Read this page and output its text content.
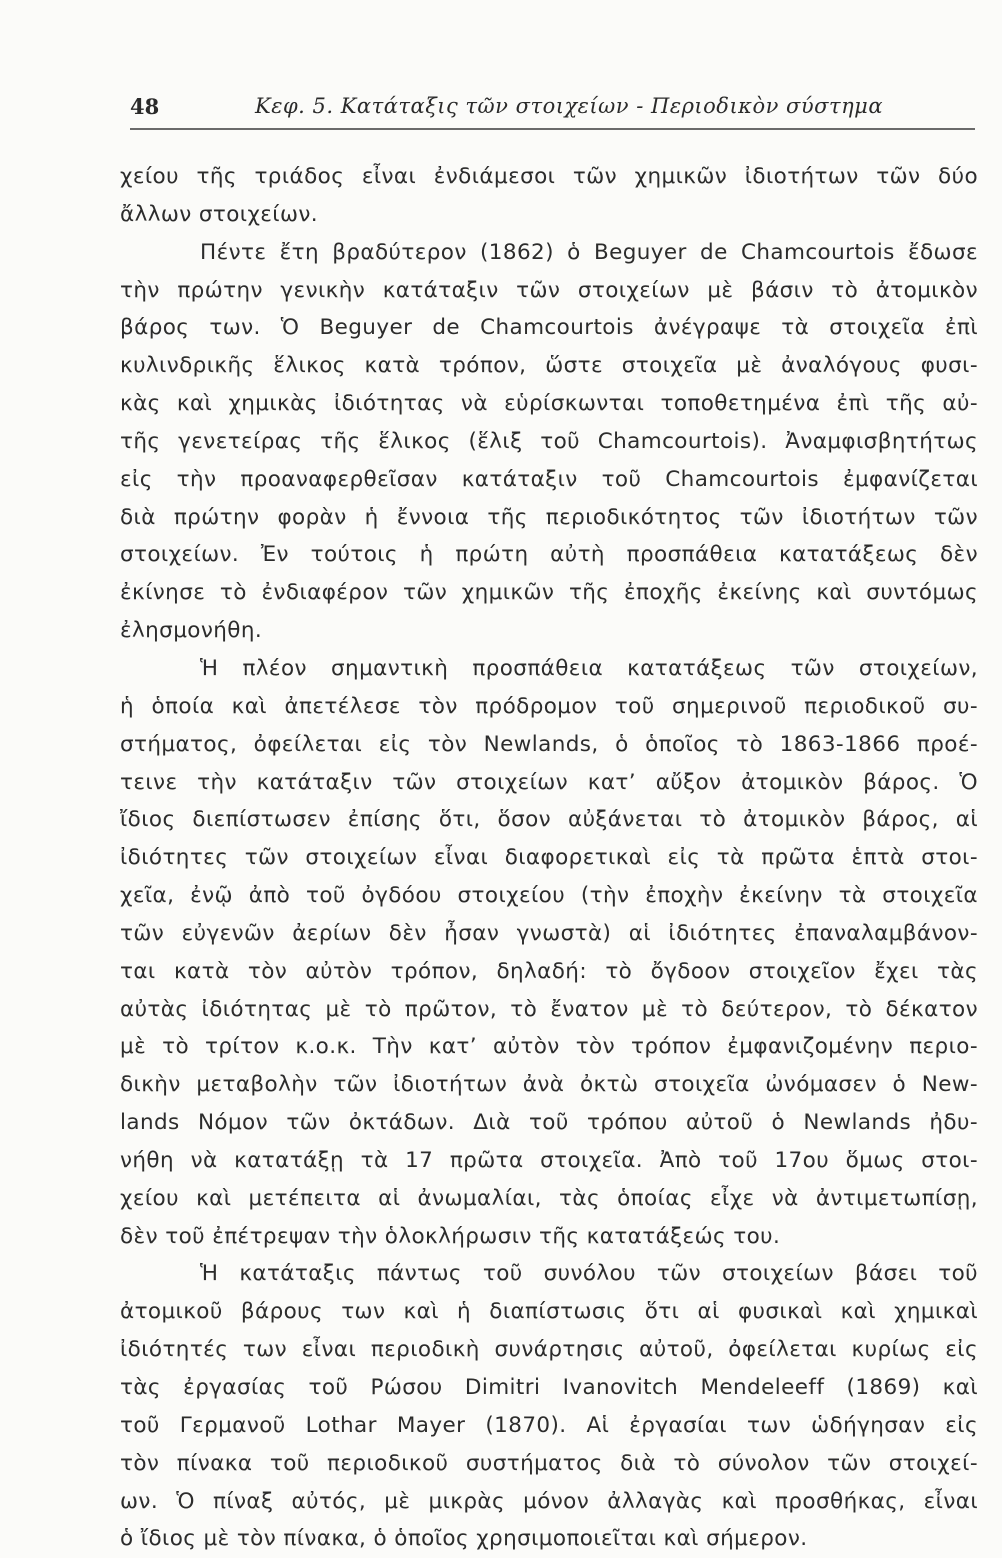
48	Κεφ. 5. Κατάταξις τῶν στοιχείων - Περιοδικὸν σύστημα
χείου τῆς τριάδος εἶναι ἐνδιάμεσοι τῶν χημικῶν ἰδιοτήτων τῶν δύο
ἄλλων στοιχείων.
Πέντε ἔτη βραδύτερον (1862) ὁ Beguyer de Chamcourtois ἔδωσε
τὴν πρώτην γενικὴν κατάταξιν τῶν στοιχείων μὲ βάσιν τὸ ἀτομικὸν
βάρος των. Ὁ Beguyer de Chamcourtois ἀνέγραψε τὰ στοιχεῖα ἐπὶ
κυλινδρικῆς ἕλικος κατὰ τρόπον, ὥστε στοιχεῖα μὲ ἀναλόγους φυσι-
κὰς καὶ χημικὰς ἰδιότητας νὰ εὑρίσκωνται τοποθετημένα ἐπὶ τῆς αὐ-
τῆς γενετείρας τῆς ἕλικος (ἕλιξ τοῦ Chamcourtois). Ἀναμφισβητήτως
εἰς τὴν προαναφερθεῖσαν κατάταξιν τοῦ Chamcourtois ἐμφανίζεται
διὰ πρώτην φορὰν ἡ ἔννοια τῆς περιοδικότητος τῶν ἰδιοτήτων τῶν
στοιχείων. Ἐν τούτοις ἡ πρώτη αὐτὴ προσπάθεια κατατάξεως δὲν
ἐκίνησε τὸ ἐνδιαφέρον τῶν χημικῶν τῆς ἐποχῆς ἐκείνης καὶ συντόμως
ἐλησμονήθη.
Ἡ πλέον σημαντικὴ προσπάθεια κατατάξεως τῶν στοιχείων,
ἡ ὁποία καὶ ἀπετέλεσε τὸν πρόδρομον τοῦ σημερινοῦ περιοδικοῦ συ-
στήματος, ὀφείλεται εἰς τὸν Newlands, ὁ ὁποῖος τὸ 1863-1866 προέ-
τεινε τὴν κατάταξιν τῶν στοιχείων κατ’ αὔξον ἀτομικὸν βάρος. Ὁ
ἴδιος διεπίστωσεν ἐπίσης ὅτι, ὅσον αὐξάνεται τὸ ἀτομικὸν βάρος, αἱ
ἰδιότητες τῶν στοιχείων εἶναι διαφορετικαὶ εἰς τὰ πρῶτα ἑπτὰ στοι-
χεῖα, ἐνῷ ἀπὸ τοῦ ὀγδόου στοιχείου (τὴν ἐποχὴν ἐκείνην τὰ στοιχεῖα
τῶν εὐγενῶν ἀερίων δὲν ἦσαν γνωστὰ) αἱ ἰδιότητες ἐπαναλαμβάνον-
ται κατὰ τὸν αὐτὸν τρόπον, δηλαδή: τὸ ὄγδοον στοιχεῖον ἔχει τὰς
αὐτὰς ἰδιότητας μὲ τὸ πρῶτον, τὸ ἔνατον μὲ τὸ δεύτερον, τὸ δέκατον
μὲ τὸ τρίτον κ.ο.κ. Τὴν κατ’ αὐτὸν τὸν τρόπον ἐμφανιζομένην περιο-
δικὴν μεταβολὴν τῶν ἰδιοτήτων ἀνὰ ὀκτὼ στοιχεῖα ὠνόμασεν ὁ New-
lands Νόμον τῶν ὀκτάδων. Διὰ τοῦ τρόπου αὐτοῦ ὁ Newlands ἠδυ-
νήθη νὰ κατατάξῃ τὰ 17 πρῶτα στοιχεῖα. Ἀπὸ τοῦ 17ου ὅμως στοι-
χείου καὶ μετέπειτα αἱ ἀνωμαλίαι, τὰς ὁποίας εἶχε νὰ ἀντιμετωπίσῃ,
δὲν τοῦ ἐπέτρεψαν τὴν ὁλοκλήρωσιν τῆς κατατάξεώς του.
Ἡ κατάταξις πάντως τοῦ συνόλου τῶν στοιχείων βάσει τοῦ
ἀτομικοῦ βάρους των καὶ ἡ διαπίστωσις ὅτι αἱ φυσικαὶ καὶ χημικαὶ
ἰδιότητές των εἶναι περιοδικὴ συνάρτησις αὐτοῦ, ὀφείλεται κυρίως εἰς
τὰς ἐργασίας τοῦ Ρώσου Dimitri Ivanovitch Mendeleeff (1869) καὶ
τοῦ Γερμανοῦ Lothar Mayer (1870). Αἱ ἐργασίαι των ὡδήγησαν εἰς
τὸν πίνακα τοῦ περιοδικοῦ συστήματος διὰ τὸ σύνολον τῶν στοιχεί-
ων. Ὁ πίναξ αὐτός, μὲ μικρὰς μόνον ἀλλαγὰς καὶ προσθήκας, εἶναι
ὁ ἴδιος μὲ τὸν πίνακα, ὁ ὁποῖος χρησιμοποιεῖται καὶ σήμερον.
